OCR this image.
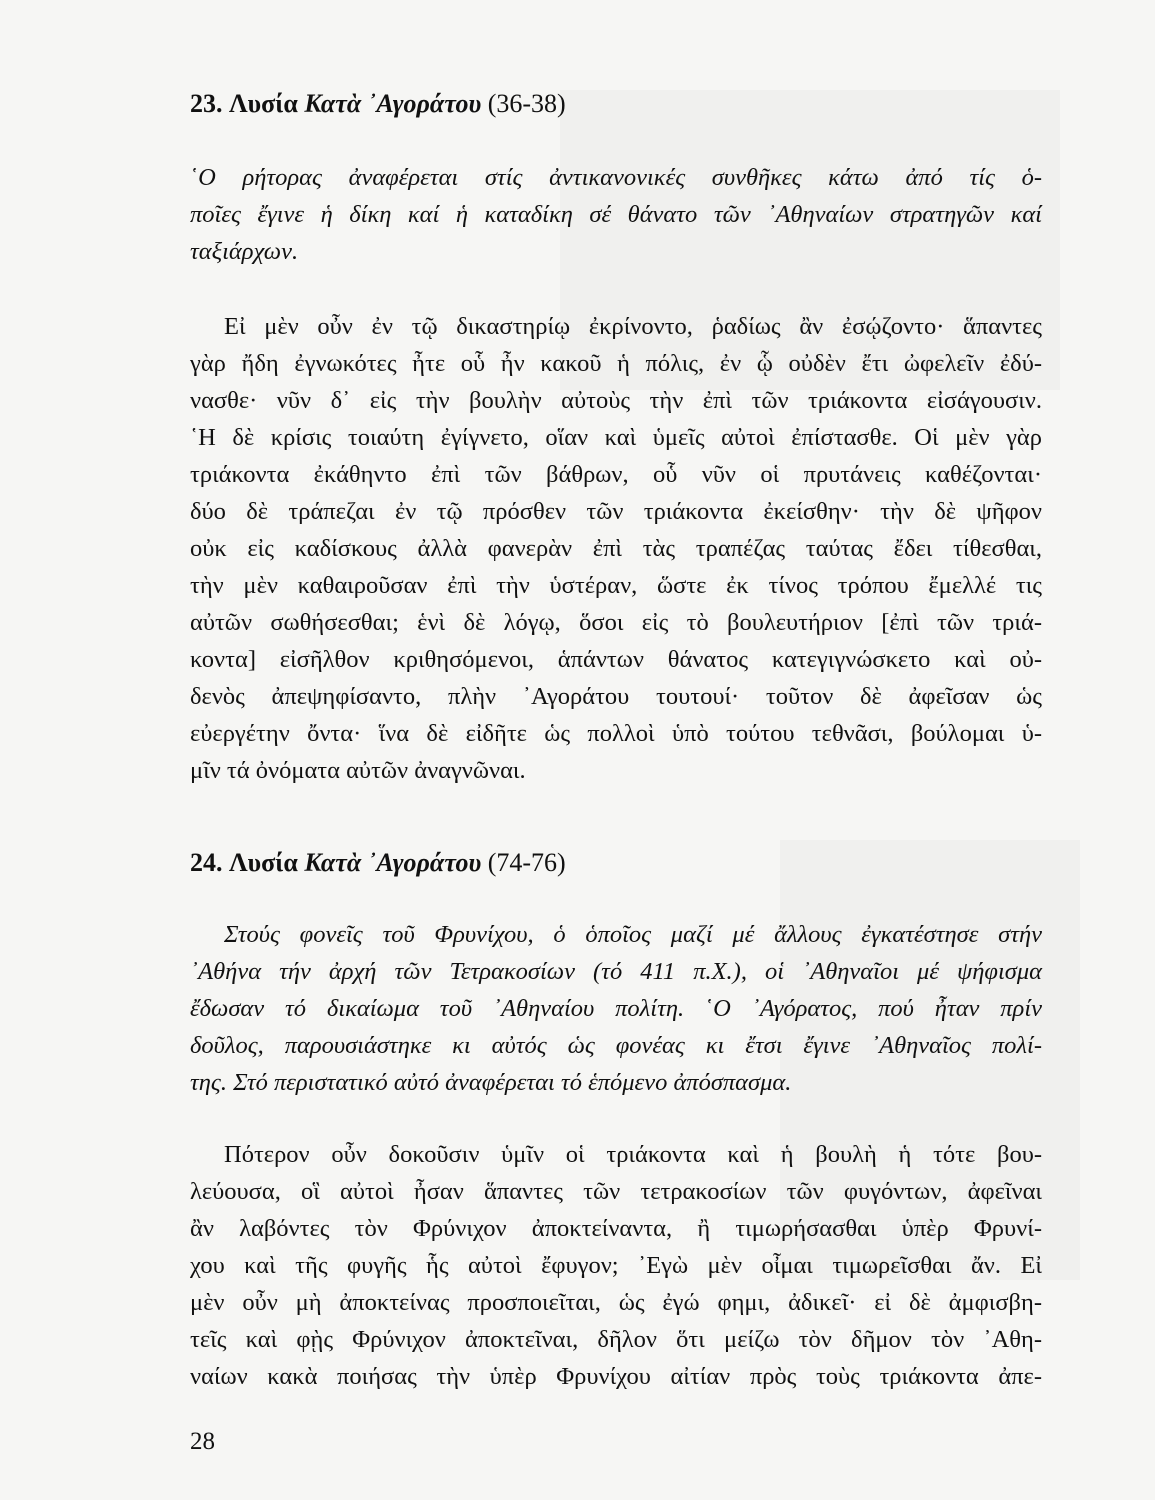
23. Λυσία Κατὰ ᾿Αγοράτου (36-38)
῾Ο ρήτορας ἀναφέρεται στίς ἀντικανονικές συνθῆκες κάτω ἀπό τίς ὁ-
ποῖες ἔγινε ἡ δίκη καί ἡ καταδίκη σέ θάνατο τῶν ᾿Αθηναίων στρατηγῶν καί
ταξιάρχων.
Εἰ μὲν οὖν ἐν τῷ δικαστηρίῳ ἐκρίνοντο, ῥαδίως ἂν ἐσῴζοντο· ἅπαντες
γὰρ ἤδη ἐγνωκότες ἦτε οὗ ἦν κακοῦ ἡ πόλις, ἐν ᾧ οὐδὲν ἔτι ὠφελεῖν ἐδύ-
νασθε· νῦν δ᾿ εἰς τὴν βουλὴν αὐτοὺς τὴν ἐπὶ τῶν τριάκοντα εἰσάγουσιν.
῾Η δὲ κρίσις τοιαύτη ἐγίγνετο, οἵαν καὶ ὑμεῖς αὐτοὶ ἐπίστασθε. Οἱ μὲν γὰρ
τριάκοντα ἐκάθηντο ἐπὶ τῶν βάθρων, οὗ νῦν οἱ πρυτάνεις καθέζονται·
δύο δὲ τράπεζαι ἐν τῷ πρόσθεν τῶν τριάκοντα ἐκείσθην· τὴν δὲ ψῆφον
οὐκ εἰς καδίσκους ἀλλὰ φανερὰν ἐπὶ τὰς τραπέζας ταύτας ἔδει τίθεσθαι,
τὴν μὲν καθαιροῦσαν ἐπὶ τὴν ὑστέραν, ὥστε ἐκ τίνος τρόπου ἔμελλέ τις
αὐτῶν σωθήσεσθαι; ἑνὶ δὲ λόγῳ, ὅσοι εἰς τὸ βουλευτήριον [ἐπὶ τῶν τριά-
κοντα] εἰσῆλθον κριθησόμενοι, ἁπάντων θάνατος κατεγιγνώσκετο καὶ οὐ-
δενὸς ἀπεψηφίσαντο, πλὴν ᾿Αγοράτου τουτουί· τοῦτον δὲ ἀφεῖσαν ὡς
εὐεργέτην ὄντα· ἵνα δὲ εἰδῆτε ὡς πολλοὶ ὑπὸ τούτου τεθνᾶσι, βούλομαι ὑ-
μῖν τά ὀνόματα αὐτῶν ἀναγνῶναι.
24. Λυσία Κατὰ ᾿Αγοράτου (74-76)
Στούς φονεῖς τοῦ Φρυνίχου, ὁ ὁποῖος μαζί μέ ἄλλους ἐγκατέστησε στήν
᾿Αθήνα τήν ἀρχή τῶν Τετρακοσίων (τό 411 π.Χ.), οἱ ᾿Αθηναῖοι μέ ψήφισμα
ἔδωσαν τό δικαίωμα τοῦ ᾿Αθηναίου πολίτη. ῾Ο ᾿Αγόρατος, πού ἦταν πρίν
δοῦλος, παρουσιάστηκε κι αὐτός ὡς φονέας κι ἔτσι ἔγινε ᾿Αθηναῖος πολί-
της. Στό περιστατικό αὐτό ἀναφέρεται τό ἑπόμενο ἀπόσπασμα.
Πότερον οὖν δοκοῦσιν ὑμῖν οἱ τριάκοντα καὶ ἡ βουλὴ ἡ τότε βου-
λεύουσα, οἳ αὐτοὶ ἦσαν ἅπαντες τῶν τετρακοσίων τῶν φυγόντων, ἀφεῖναι
ἂν λαβόντες τὸν Φρύνιχον ἀποκτείναντα, ἢ τιμωρήσασθαι ὑπὲρ Φρυνί-
χου καὶ τῆς φυγῆς ἧς αὐτοὶ ἔφυγον; ᾿Εγὼ μὲν οἶμαι τιμωρεῖσθαι ἄν. Εἰ
μὲν οὖν μὴ ἀποκτείνας προσποιεῖται, ὡς ἐγώ φημι, ἀδικεῖ· εἰ δὲ ἀμφισβη-
τεῖς καὶ φῂς Φρύνιχον ἀποκτεῖναι, δῆλον ὅτι μείζω τὸν δῆμον τὸν ᾿Αθη-
ναίων κακὰ ποιήσας τὴν ὑπὲρ Φρυνίχου αἰτίαν πρὸς τοὺς τριάκοντα ἀπε-
28
